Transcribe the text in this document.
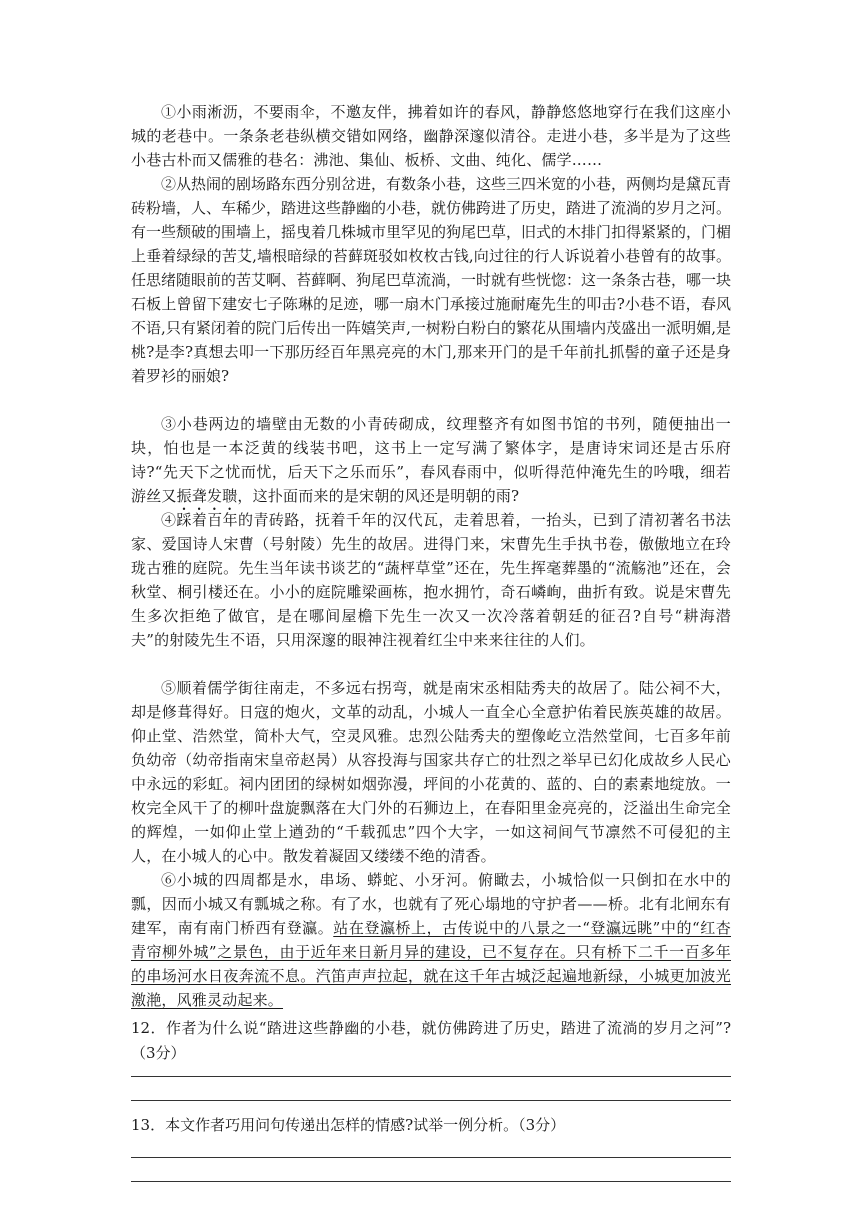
①小雨淅沥，不要雨伞，不邀友伴，拂着如许的春风，静静悠悠地穿行在我们这座小城的老巷中。一条条老巷纵横交错如网络，幽静深邃似清谷。走进小巷，多半是为了这些小巷古朴而又儒雅的巷名：沸池、集仙、板桥、文曲、纯化、儒学……

②从热闹的剧场路东西分别岔进，有数条小巷，这些三四米宽的小巷，两侧均是黛瓦青砖粉墙，人、车稀少，踏进这些静幽的小巷，就仿佛跨进了历史，踏进了流淌的岁月之河。有一些颓破的围墙上，摇曳着几株城市里罕见的狗尾巴草，旧式的木排门扣得紧紧的，门楣上垂着绿绿的苦艾,墙根暗绿的苔藓斑驳如枚枚古钱,向过往的行人诉说着小巷曾有的故事。任思绪随眼前的苦艾啊、苔藓啊、狗尾巴草流淌，一时就有些恍惚：这一条条古巷，哪一块石板上曾留下建安七子陈琳的足迹，哪一扇木门承接过施耐庵先生的叩击?小巷不语，春风不语,只有紧闭着的院门后传出一阵嬉笑声,一树粉白粉白的繁花从围墙内茂盛出一派明媚,是桃?是李?真想去叩一下那历经百年黑亮亮的木门,那来开门的是千年前扎抓髻的童子还是身着罗衫的丽娘?

③小巷两边的墙壁由无数的小青砖砌成，纹理整齐有如图书馆的书列，随便抽出一块，怕也是一本泛黄的线装书吧，这书上一定写满了繁体字，是唐诗宋词还是古乐府诗?“先天下之忧而忧，后天下之乐而乐”，春风春雨中，似听得范仲淹先生的吟哦，细若游丝又振聋发聩，这扑面而来的是宋朝的风还是明朝的雨?

④踩着百年的青砖路，抚着千年的汉代瓦，走着思着，一抬头，已到了清初著名书法家、爱国诗人宋曹（号射陵）先生的故居。进得门来，宋曹先生手执书卷，傲傲地立在玲珑古雅的庭院。先生当年读书谈艺的“蔬枰草堂”还在，先生挥毫葬墨的“流觞池”还在，会秋堂、桐引楼还在。小小的庭院雕梁画栋，抱水拥竹，奇石嶙峋，曲折有致。说是宋曹先生多次拒绝了做官，是在哪间屋檐下先生一次又一次冷落着朝廷的征召?自号“耕海潜夫”的射陵先生不语，只用深邃的眼神注视着红尘中来来往往的人们。

⑤顺着儒学街往南走，不多远右拐弯，就是南宋丞相陆秀夫的故居了。陆公祠不大，却是修葺得好。日寇的炮火，文革的动乱，小城人一直全心全意护佑着民族英雄的故居。仰止堂、浩然堂，简朴大气，空灵风雅。忠烈公陆秀夫的塑像屹立浩然堂间，七百多年前负幼帝（幼帝指南宋皇帝赵昺）从容投海与国家共存亡的壮烈之举早已幻化成故乡人民心中永远的彩虹。祠内团团的绿树如烟弥漫，坪间的小花黄的、蓝的、白的素素地绽放。一枚完全风干了的柳叶盘旋飘落在大门外的石狮边上，在春阳里金亮亮的，泛溢出生命完全的辉煌，一如仰止堂上遒劲的“千载孤忠”四个大字，一如这祠间气节凛然不可侵犯的主人，在小城人的心中。散发着凝固又缕缕不绝的清香。

⑥小城的四周都是水，串场、蟒蛇、小牙河。俯瞰去，小城恰似一只倒扣在水中的瓢，因而小城又有瓢城之称。有了水，也就有了死心塌地的守护者——桥。北有北闸东有建军，南有南门桥西有登瀛。站在登瀛桥上，古传说中的八景之一“登瀛远眺”中的“红杏青帘柳外城”之景色，由于近年来日新月异的建设，已不复存在。只有桥下二千一百多年的串场河水日夜奔流不息。汽笛声声拉起，就在这千年古城泛起遍地新绿，小城更加波光激滟，风雅灵动起来。

12．作者为什么说“踏进这些静幽的小巷，就仿佛跨进了历史，踏进了流淌的岁月之河”?（3分）

13．本文作者巧用问句传递出怎样的情感?试举一例分析。（3分）
